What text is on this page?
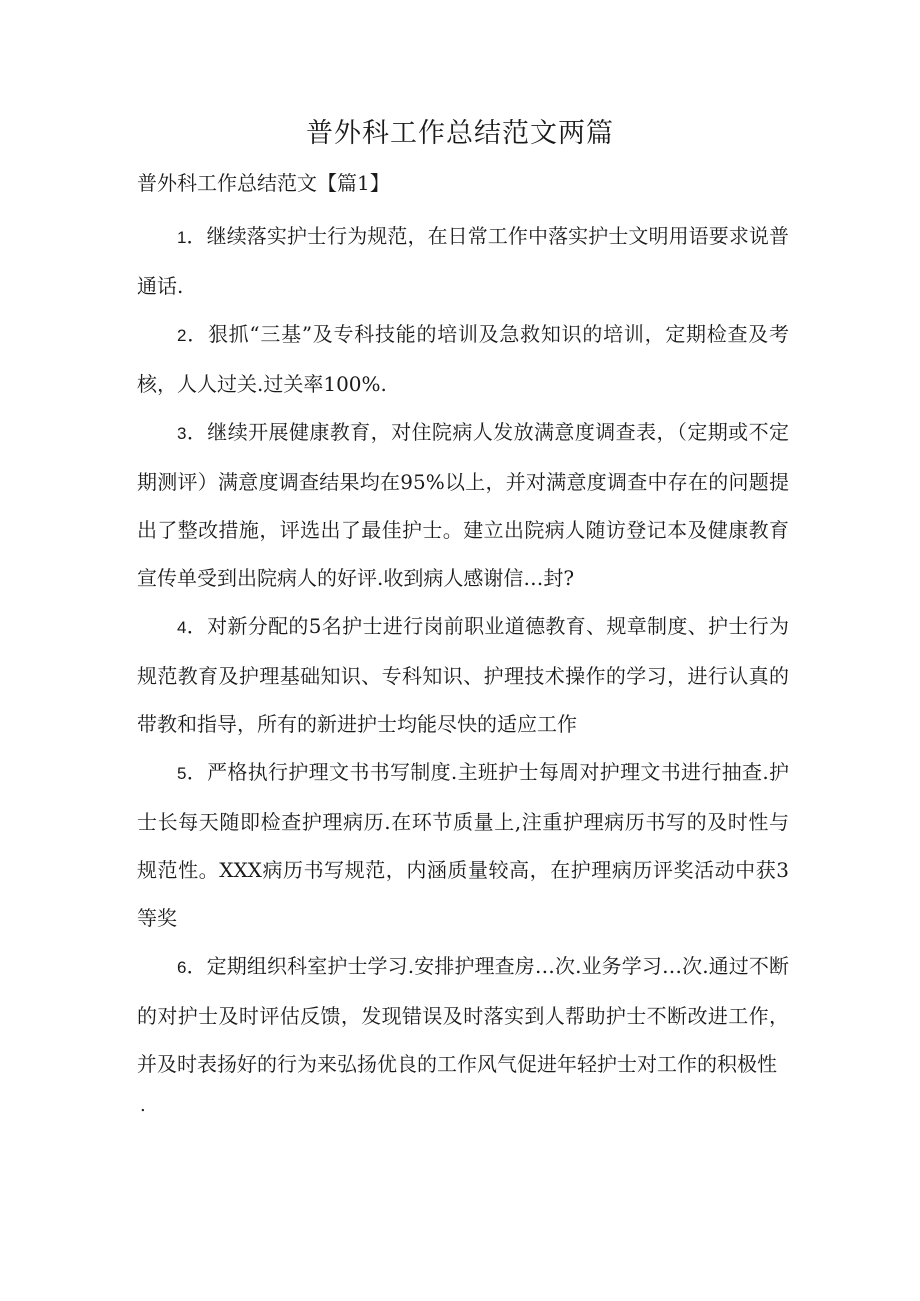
普外科工作总结范文两篇
普外科工作总结范文【篇1】

1．继续落实护士行为规范，在日常工作中落实护士文明用语要求说普通话.

2．狠抓“三基”及专科技能的培训及急救知识的培训，定期检查及考核，人人过关.过关率100%.

3．继续开展健康教育，对住院病人发放满意度调查表，（定期或不定期测评）满意度调查结果均在95%以上，并对满意度调查中存在的问题提出了整改措施，评选出了最佳护士。建立出院病人随访登记本及健康教育宣传单受到出院病人的好评.收到病人感谢信…封?

4．对新分配的5名护士进行岗前职业道德教育、规章制度、护士行为规范教育及护理基础知识、专科知识、护理技术操作的学习，进行认真的带教和指导，所有的新进护士均能尽快的适应工作

5．严格执行护理文书书写制度.主班护士每周对护理文书进行抽查.护士长每天随即检查护理病历.在环节质量上,注重护理病历书写的及时性与规范性。XXX病历书写规范，内涵质量较高，在护理病历评奖活动中获3等奖

6．定期组织科室护士学习.安排护理查房…次.业务学习…次.通过不断的对护士及时评估反馈，发现错误及时落实到人帮助护士不断改进工作，并及时表扬好的行为来弘扬优良的工作风气促进年轻护士对工作的积极性

.
